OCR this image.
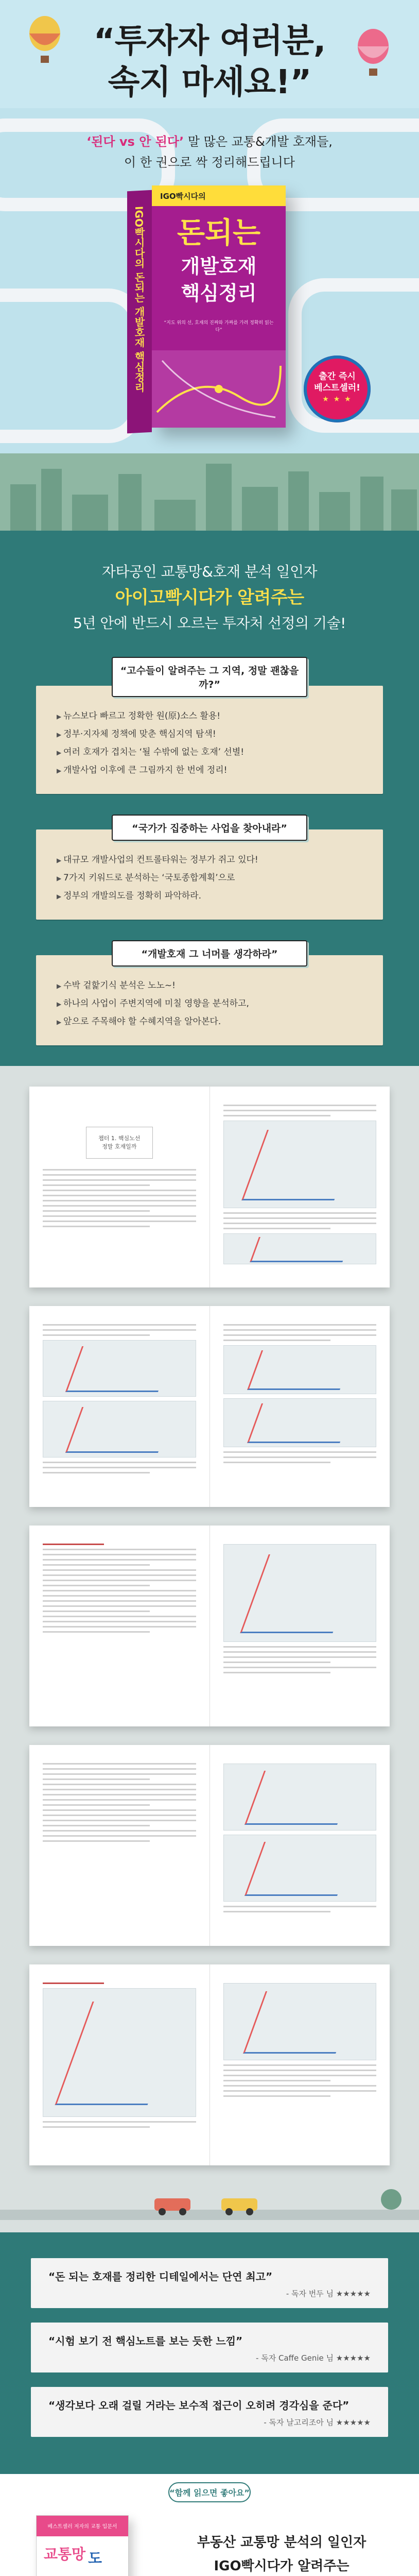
“투자자 여러분,
속지 마세요!”
‘된다 vs 안 된다’ 말 많은 교통&개발 호재들,
이 한 권으로 싹 정리해드립니다
IGO빡시다의 돈되는 개발호재 핵심정리
IGO빡시다의
돈되는
개발호재
핵심정리
“지도 위의 선, 호재의 진짜와 가짜를 가려 정확히 읽는다”
출간 즉시
베스트셀러!
★ ★ ★
자타공인 교통망&호재 분석 일인자
아이고빡시다가 알려주는
5년 안에 반드시 오르는 투자처 선정의 기술!
“고수들이 알려주는 그 지역, 정말 괜찮을까?”
▶ 뉴스보다 빠르고 정확한 원(原)소스 활용!
▶ 정부·지자체 정책에 맞춘 핵심지역 탐색!
▶ 여러 호재가 겹치는 ‘될 수밖에 없는 호재’ 선별!
▶ 개발사업 이후에 큰 그림까지 한 번에 정리!
“국가가 집중하는 사업을 찾아내라”
▶ 대규모 개발사업의 컨트롤타워는 정부가 쥐고 있다!
▶ 7가지 키워드로 분석하는 ‘국토종합계획’으로
▶ 정부의 개발의도를 정확히 파악하라.
“개발호재 그 너머를 생각하라”
▶ 수박 겉핥기식 분석은 노노~!
▶ 하나의 사업이 주변지역에 미칠 영향을 분석하고,
▶ 앞으로 주목해야 할 수혜지역을 알아본다.
챕터 1. 핵심노선
정말 호재일까
“돈 되는 호재를 정리한 디테일에서는 단연 최고”
- 독자 번두 님 ★★★★★
“시험 보기 전 핵심노트를 보는 듯한 느낌”
- 독자 Caffe Genie 님 ★★★★★
“생각보다 오래 걸릴 거라는 보수적 접근이 오히려 경각심을 준다”
- 독자 날고리조아 님 ★★★★★
“함께 읽으면 좋아요”
베스트셀러 저자의 교통 입문서
교통망 도
부동산 교통망 분석의 일인자
IGO빡시다가 알려주는
